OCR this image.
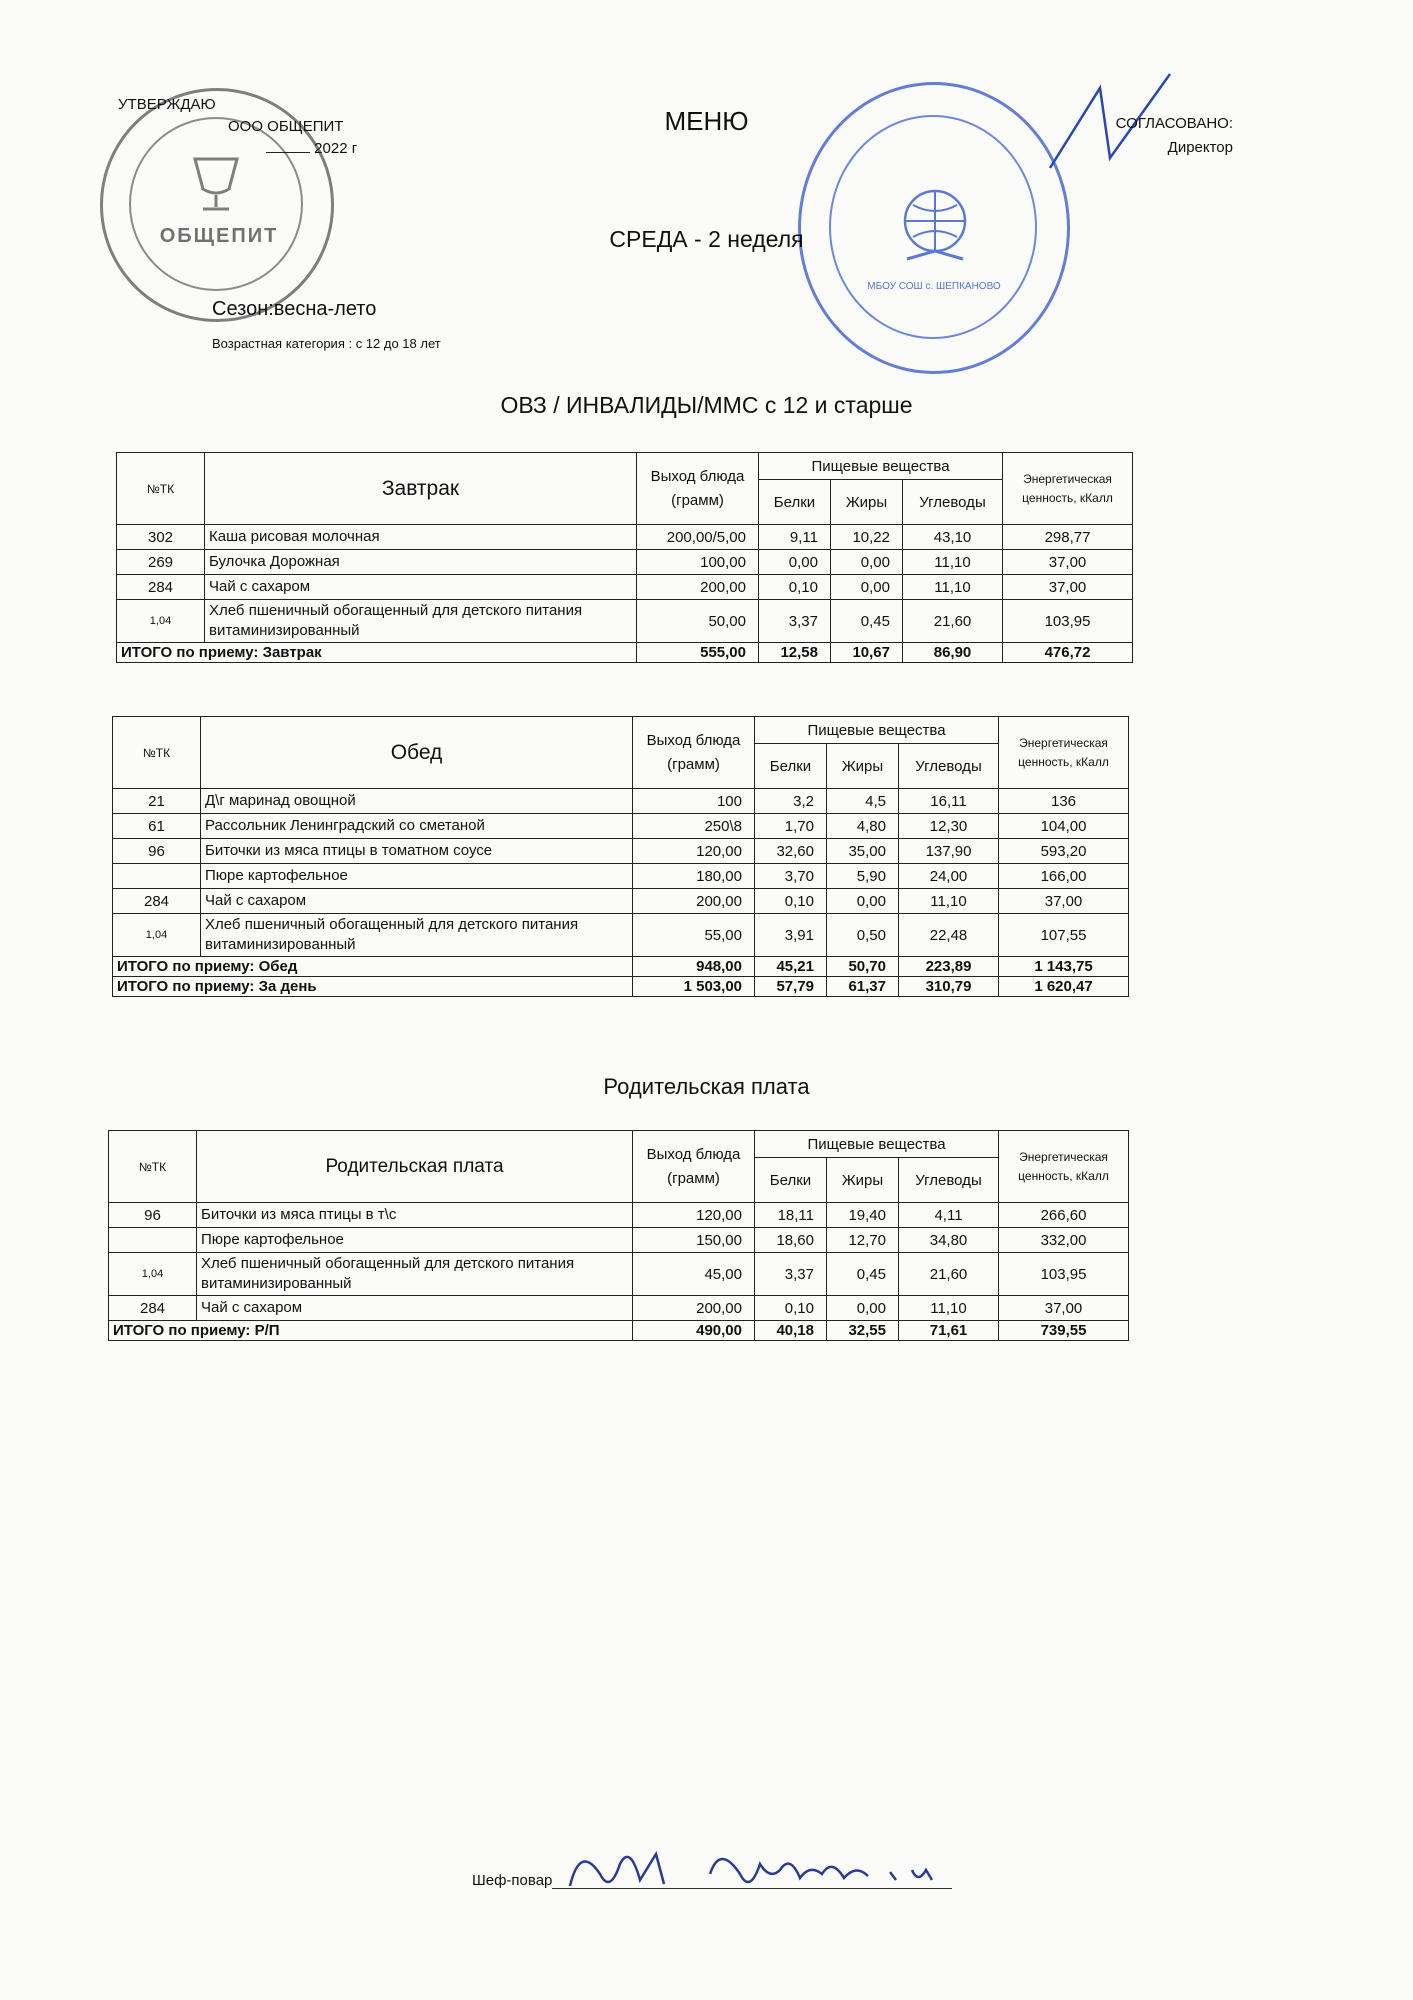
ОБЩЕПИТ
МБОУ СОШ с. ШЕПКАНОВО
УТВЕРЖДАЮ
ООО ОБЩЕПИТ
2022 г
СОГЛАСОВАНО:
Директор
МЕНЮ
СРЕДА - 2 неделя
Сезон:весна-лето
Возрастная категория : с 12 до 18 лет
ОВЗ / ИНВАЛИДЫ/ММС с 12 и старше
№ТК	Завтрак	Выход блюда (грамм)	Пищевые вещества			Энергетическая ценность, кКалл
			Белки	Жиры	Углеводы	
302	Каша рисовая молочная	200,00/5,00	9,11	10,22	43,10	298,77
269	Булочка Дорожная	100,00	0,00	0,00	11,10	37,00
284	Чай с сахаром	200,00	0,10	0,00	11,10	37,00
1,04	Хлеб пшеничный обогащенный для детского питания витаминизированный	50,00	3,37	0,45	21,60	103,95
ИТОГО по приему: Завтрак		555,00	12,58	10,67	86,90	476,72
№ТК	Обед	Выход блюда (грамм)	Пищевые вещества			Энергетическая ценность, кКалл
			Белки	Жиры	Углеводы	
21	Д\г маринад овощной	100	3,2	4,5	16,11	136
61	Рассольник Ленинградский со сметаной	250\8	1,70	4,80	12,30	104,00
96	Биточки из мяса птицы в томатном соусе	120,00	32,60	35,00	137,90	593,20
	Пюре картофельное	180,00	3,70	5,90	24,00	166,00
284	Чай с сахаром	200,00	0,10	0,00	11,10	37,00
1,04	Хлеб пшеничный обогащенный для детского питания витаминизированный	55,00	3,91	0,50	22,48	107,55
ИТОГО по приему: Обед		948,00	45,21	50,70	223,89	1 143,75
ИТОГО по приему: За день		1 503,00	57,79	61,37	310,79	1 620,47
Родительская плата
№ТК	Родительская плата	Выход блюда (грамм)	Пищевые вещества			Энергетическая ценность, кКалл
			Белки	Жиры	Углеводы	
96	Биточки из мяса птицы в т\с	120,00	18,11	19,40	4,11	266,60
	Пюре картофельное	150,00	18,60	12,70	34,80	332,00
1,04	Хлеб пшеничный обогащенный для детского питания витаминизированный	45,00	3,37	0,45	21,60	103,95
284	Чай с сахаром	200,00	0,10	0,00	11,10	37,00
ИТОГО по приему: Р/П		490,00	40,18	32,55	71,61	739,55
Шеф-повар
